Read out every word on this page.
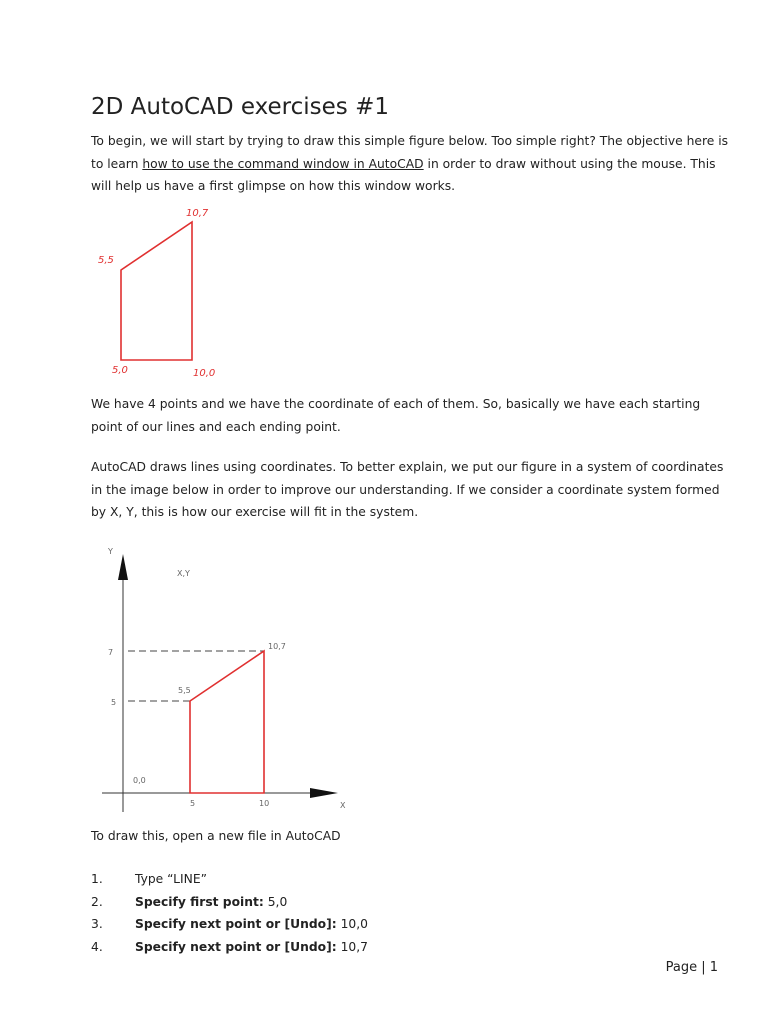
2D AutoCAD exercises #1

To begin, we will start by trying to draw this simple figure below. Too simple right? The objective here is to learn how to use the command window in AutoCAD in order to draw without using the mouse. This will help us have a first glimpse on how this window works.

10,7
5,5
5,0	10,0

We have 4 points and we have the coordinate of each of them. So, basically we have each starting point of our lines and each ending point.

AutoCAD draws lines using coordinates. To better explain, we put our figure in a system of coordinates in the image below in order to improve our understanding. If we consider a coordinate system formed by X, Y, this is how our exercise will fit in the system.

Y
X
X,Y
0,0
7
5
5	10
5,5
10,7

To draw this, open a new file in AutoCAD

1.	Type “LINE”
2.	Specify first point: 5,0
3.	Specify next point or [Undo]: 10,0
4.	Specify next point or [Undo]: 10,7
Page | 1
